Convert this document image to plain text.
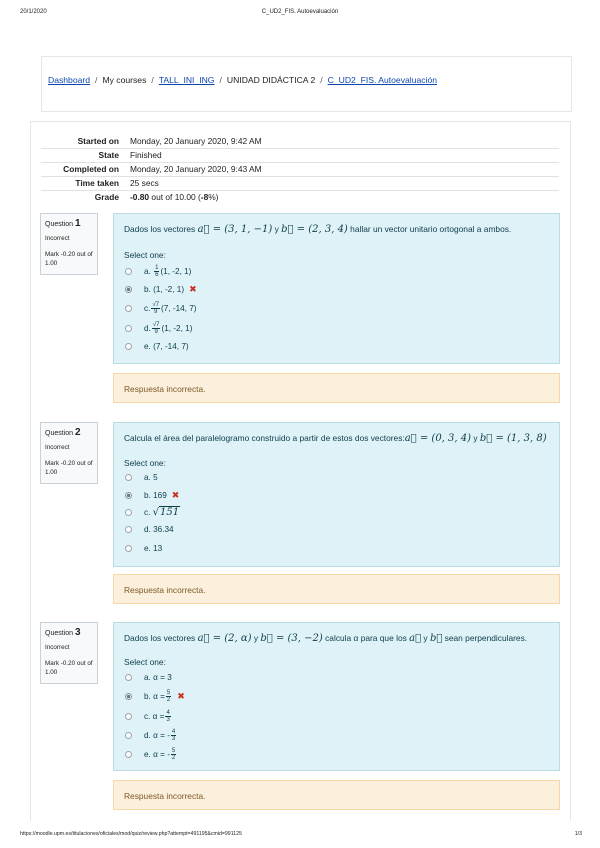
20/1/2020	C_UD2_FIS. Autoevaluación
Dashboard / My courses / TALL_INI_ING / UNIDAD DIDÁCTICA 2 / C_UD2_FIS. Autoevaluación
Started on	Monday, 20 January 2020, 9:42 AM
State	Finished
Completed on	Monday, 20 January 2020, 9:43 AM
Time taken	25 secs
Grade	-0.80 out of 10.00 (-8%)
Question 1
Incorrect
Mark -0.20 out of 1.00
Dados los vectores a⃗ = (3, 1, −1) y b⃗ = (2, 3, 4) hallar un vector unitario ortogonal a ambos.
Select one:
a.
$\frac{1}{6} (1$, -2, 1)
b.
(1, -2, 1) ✖
c. $\frac{√7}{9} (7$, -14, 7)
d. $\frac{√7}{9} (1$, -2, 1)
e.
(7, -14, 7)
Respuesta incorrecta.
Question 2
Incorrect
Mark -0.20 out of 1.00
Calcula el área del paralelogramo construido a partir de estos dos vectores:a⃗ = (0, 3, 4) y b⃗ = (1, 3, 8)
Select one:
a.
5
b.
169 ✖
c.
√151
d.
36.34
e.
13
Respuesta incorrecta.
Question 3
Incorrect
Mark -0.20 out of 1.00
Dados los vectores a⃗ = (2, α) y b⃗ = (3, −2) calcula α para que los a⃗ y b⃗ sean perpendiculares.
Select one:
a.
α = 3
b.
$\alpha = \frac{5}{2}$ ✖
c.
$\alpha = \frac{4}{3}$
d.
α = - $\frac{4}{3}$
e.
α = - $\frac{5}{2}$
Respuesta incorrecta.
https://moodle.upm.es/titulaciones/oficiales/mod/quiz/review.php?attempt=491195&cmid=991125	1/3
